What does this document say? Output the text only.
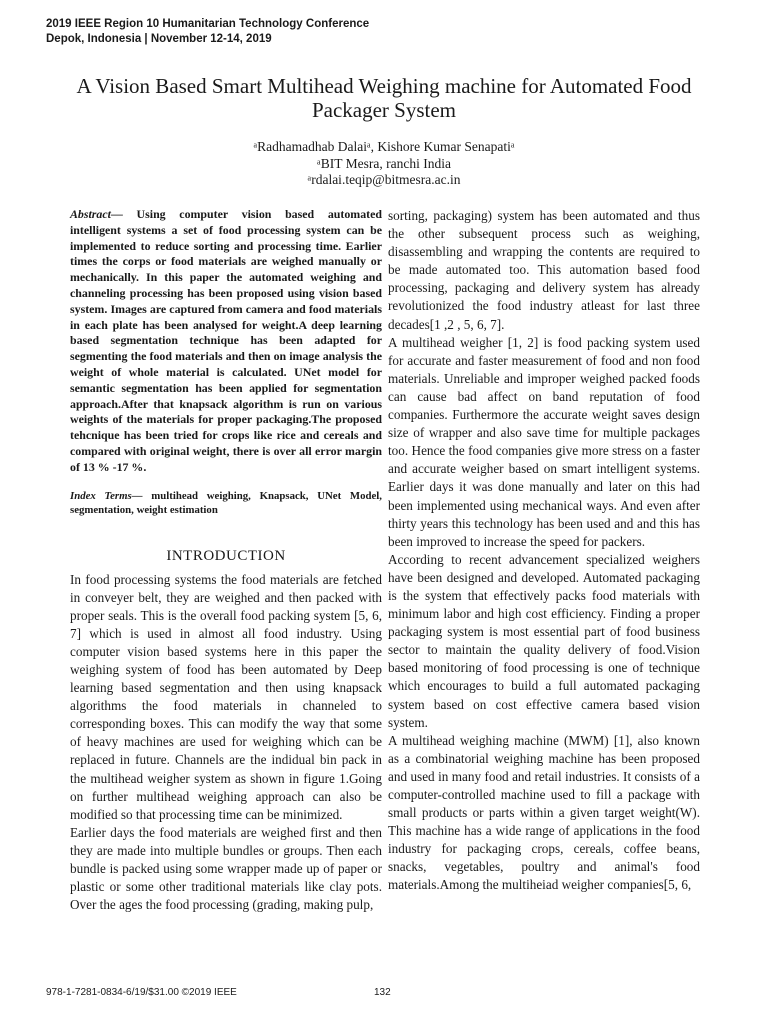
2019 IEEE Region 10 Humanitarian Technology Conference
Depok, Indonesia | November 12-14, 2019
A Vision Based Smart Multihead Weighing machine for Automated Food Packager System
ᵃRadhamadhab Dalaiᵃ, Kishore Kumar Senapatiᵃ
ᵃBIT Mesra, ranchi India
ᵃrdalai.teqip@bitmesra.ac.in

Abstract— Using computer vision based automated intelligent systems a set of food processing system can be implemented to reduce sorting and processing time. Earlier times the corps or food materials are weighed manually or mechanically. In this paper the automated weighing and channeling processing has been proposed using vision based system. Images are captured from camera and food materials in each plate has been analysed for weight.A deep learning based segmentation technique has been adapted for segmenting the food materials and then on image analysis the weight of whole material is calculated. UNet model for semantic segmentation has been applied for segmentation approach.After that knapsack algorithm is run on various weights of the materials for proper packaging.The proposed tehcnique has been tried for crops like rice and cereals and compared with original weight, there is over all error margin of 13 % -17 %.

Index Terms— multihead weighing, Knapsack, UNet Model, segmentation, weight estimation

INTRODUCTION

In food processing systems the food materials are fetched in conveyer belt, they are weighed and then packed with proper seals. This is the overall food packing system [5, 6, 7] which is used in almost all food industry. Using computer vision based systems here in this paper the weighing system of food has been automated by Deep learning based segmentation and then using knapsack algorithms the food materials in channeled to corresponding boxes. This can modify the way that some of heavy machines are used for weighing which can be replaced in future. Channels are the indidual bin pack in the multihead weigher system as shown in figure 1.Going on further multihead weighing approach can also be modified so that processing time can be minimized.

Earlier days the food materials are weighed first and then they are made into multiple bundles or groups. Then each bundle is packed using some wrapper made up of paper or plastic or some other traditional materials like clay pots. Over the ages the food processing (grading, making pulp,

sorting, packaging) system has been automated and thus the other subsequent process such as weighing, disassembling and wrapping the contents are required to be made automated too. This automation based food processing, packaging and delivery system has already revolutionized the food industry atleast for last three decades[1 ,2 , 5, 6, 7].

A multihead weigher [1, 2] is food packing system used for accurate and faster measurement of food and non food materials. Unreliable and improper weighed packed foods can cause bad affect on band reputation of food companies. Furthermore the accurate weight saves design size of wrapper and also save time for multiple packages too. Hence the food companies give more stress on a faster and accurate weigher based on smart intelligent systems. Earlier days it was done manually and later on this had been implemented using mechanical ways. And even after thirty years this technology has been used and and this has been improved to increase the speed for packers.

According to recent advancement specialized weighers have been designed and developed. Automated packaging is the system that effectively packs food materials with minimum labor and high cost efficiency. Finding a proper packaging system is most essential part of food business sector to maintain the quality delivery of food.Vision based monitoring of food processing is one of technique which encourages to build a full automated packaging system based on cost effective camera based vision system.

A multihead weighing machine (MWM) [1], also known as a combinatorial weighing machine has been proposed and used in many food and retail industries. It consists of a computer-controlled machine used to fill a package with small products or parts within a given target weight(W). This machine has a wide range of applications in the food industry for packaging crops, cereals, coffee beans, snacks, vegetables, poultry and animal's food materials.Among the multiheiad weigher companies[5, 6,

978-1-7281-0834-6/19/$31.00 ©2019 IEEE	132
